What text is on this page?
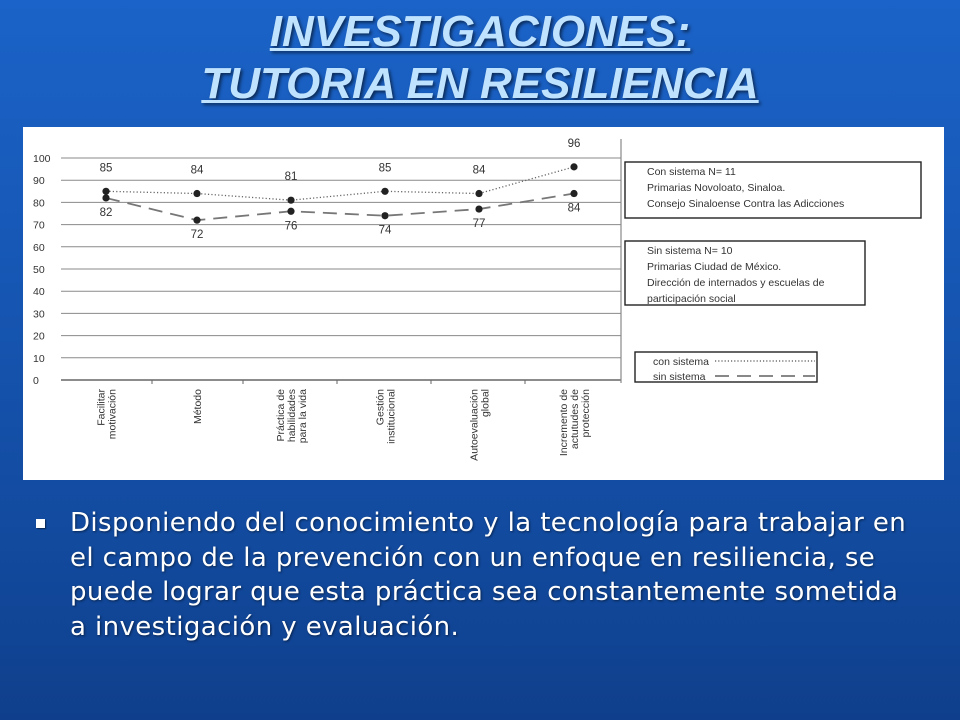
INVESTIGACIONES:
TUTORIA EN RESILIENCIA
0
10
20
30
40
50
60
70
80
90
100
Facilitar motivación	Método	Práctica de habilidades para la vida	Gestión institucional	Autoevaluación global	Incremento de actutudes de protección
85	84
81
85	84
96
82
72
76	74
77
84
Con sistema N= 11
Primarias Novoloato, Sinaloa.
Consejo Sinaloense Contra las Adicciones
Sin sistema N= 10
Primarias Ciudad de México.
Dirección de internados y escuelas de
participación social
con sistema
sin sistema
Disponiendo del conocimiento y la tecnología para trabajar en el campo de la prevención con un enfoque en resiliencia, se puede lograr que esta práctica sea constantemente sometida a investigación y evaluación.
